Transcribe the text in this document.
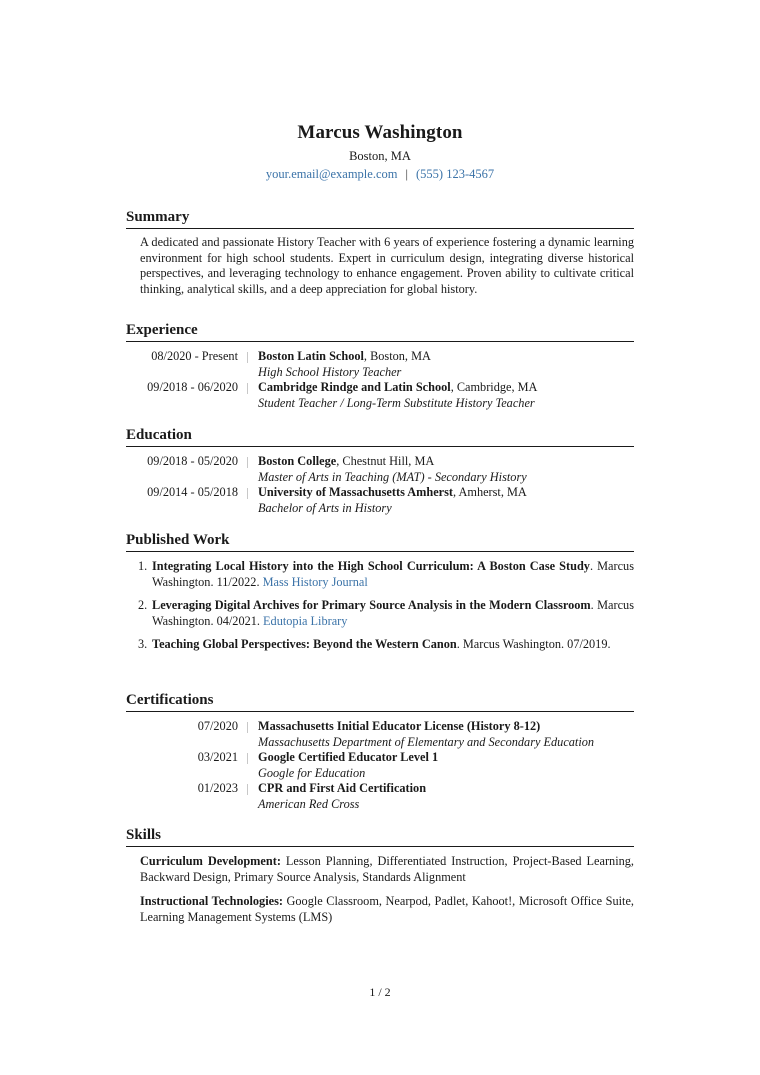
Marcus Washington
Boston, MA
your.email@example.com | (555) 123-4567
Summary

A dedicated and passionate History Teacher with 6 years of experience fostering a dynamic learning environment for high school students. Expert in curriculum design, integrating diverse historical perspectives, and leveraging technology to enhance engagement. Proven ability to cultivate critical thinking, analytical skills, and a deep appreciation for global history.

Experience
08/2020 - Present Boston Latin School, Boston, MA
High School History Teacher
09/2018 - 06/2020 Cambridge Rindge and Latin School, Cambridge, MA
Student Teacher / Long-Term Substitute History Teacher
Education
09/2018 - 05/2020 Boston College, Chestnut Hill, MA
Master of Arts in Teaching (MAT) - Secondary History
09/2014 - 05/2018 University of Massachusetts Amherst, Amherst, MA
Bachelor of Arts in History
Published Work
1. Integrating Local History into the High School Curriculum: A Boston Case Study. Marcus Washington. 11/2022. Mass History Journal
2. Leveraging Digital Archives for Primary Source Analysis in the Modern Classroom. Marcus Washington. 04/2021. Edutopia Library
3. Teaching Global Perspectives: Beyond the Western Canon. Marcus Washington. 07/2019.
Certifications
07/2020 Massachusetts Initial Educator License (History 8-12)
Massachusetts Department of Elementary and Secondary Education
03/2021 Google Certified Educator Level 1
Google for Education
01/2023 CPR and First Aid Certification
American Red Cross
Skills

Curriculum Development: Lesson Planning, Differentiated Instruction, Project-Based Learning, Backward Design, Primary Source Analysis, Standards Alignment

Instructional Technologies: Google Classroom, Nearpod, Padlet, Kahoot!, Microsoft Office Suite, Learning Management Systems (LMS)

1 / 2
